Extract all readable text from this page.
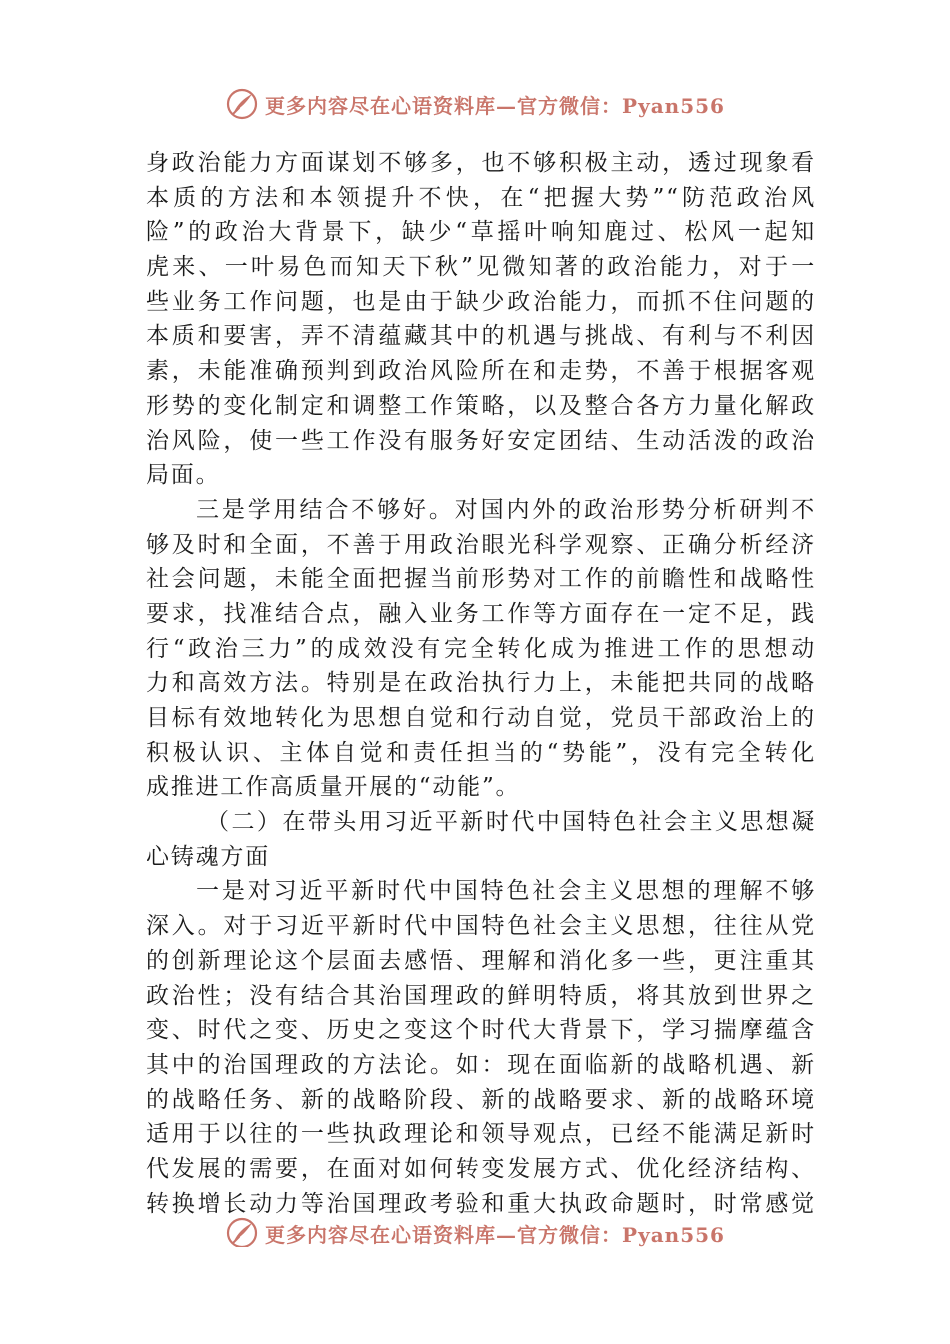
更多内容尽在心语资料库—官方微信：Pyan556
身政治能力方面谋划不够多，也不够积极主动，透过现象看
本质的方法和本领提升不快，在“把握大势”“防范政治风
险”的政治大背景下，缺少“草摇叶响知鹿过、松风一起知
虎来、一叶易色而知天下秋”见微知著的政治能力，对于一
些业务工作问题，也是由于缺少政治能力，而抓不住问题的
本质和要害，弄不清蕴藏其中的机遇与挑战、有利与不利因
素，未能准确预判到政治风险所在和走势，不善于根据客观
形势的变化制定和调整工作策略，以及整合各方力量化解政
治风险，使一些工作没有服务好安定团结、生动活泼的政治
局面。
三是学用结合不够好。对国内外的政治形势分析研判不
够及时和全面，不善于用政治眼光科学观察、正确分析经济
社会问题，未能全面把握当前形势对工作的前瞻性和战略性
要求，找准结合点，融入业务工作等方面存在一定不足，践
行“政治三力”的成效没有完全转化成为推进工作的思想动
力和高效方法。特别是在政治执行力上，未能把共同的战略
目标有效地转化为思想自觉和行动自觉，党员干部政治上的
积极认识、主体自觉和责任担当的“势能”，没有完全转化
成推进工作高质量开展的“动能”。
（二）在带头用习近平新时代中国特色社会主义思想凝
心铸魂方面
一是对习近平新时代中国特色社会主义思想的理解不够
深入。对于习近平新时代中国特色社会主义思想，往往从党
的创新理论这个层面去感悟、理解和消化多一些，更注重其
政治性；没有结合其治国理政的鲜明特质，将其放到世界之
变、时代之变、历史之变这个时代大背景下，学习揣摩蕴含
其中的治国理政的方法论。如：现在面临新的战略机遇、新
的战略任务、新的战略阶段、新的战略要求、新的战略环境
适用于以往的一些执政理论和领导观点，已经不能满足新时
代发展的需要，在面对如何转变发展方式、优化经济结构、
转换增长动力等治国理政考验和重大执政命题时，时常感觉
更多内容尽在心语资料库—官方微信：Pyan556
